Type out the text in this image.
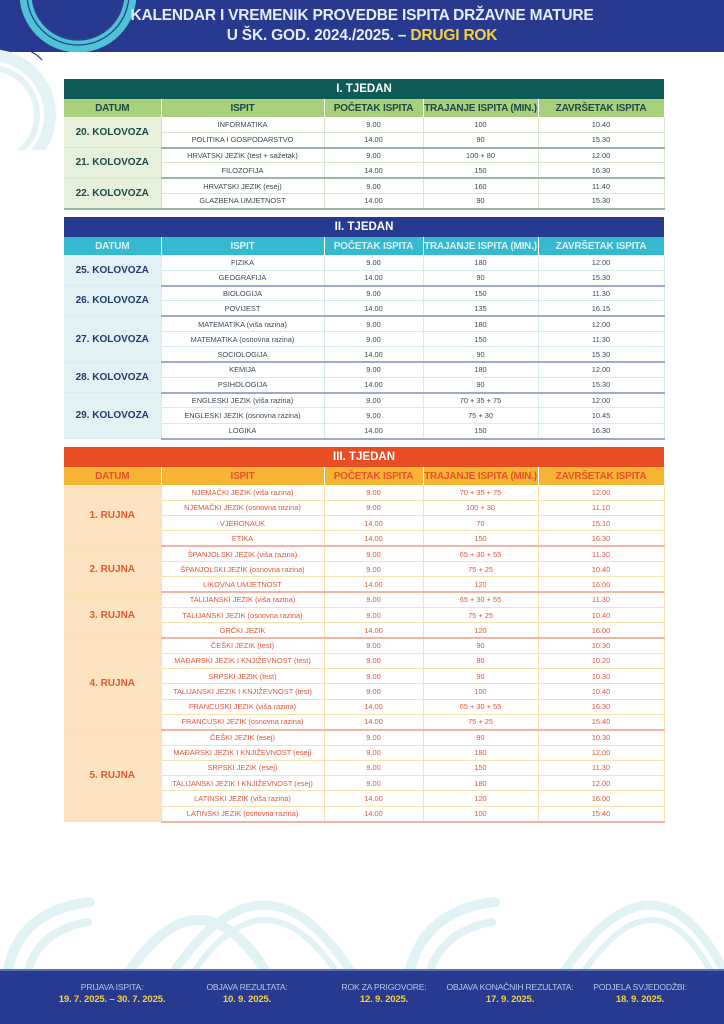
KALENDAR I VREMENIK PROVEDBE ISPITA DRŽAVNE MATURE
U ŠK. GOD. 2024./2025. – DRUGI ROK
I. TJEDAN				
DATUM	ISPIT	POČETAK ISPITA	TRAJANJE ISPITA (MIN.)	ZAVRŠETAK ISPITA
20. KOLOVOZA	INFORMATIKA	9.00	100	10.40
	POLITIKA I GOSPODARSTVO	14.00	90	15.30
21. KOLOVOZA	HRVATSKI JEZIK (test + sažetak)	9.00	100 + 80	12.00
	FILOZOFIJA	14.00	150	16.30
22. KOLOVOZA	HRVATSKI JEZIK (esej)	9.00	160	11.40
	GLAZBENA UMJETNOST	14.00	90	15.30
II. TJEDAN				
DATUM	ISPIT	POČETAK ISPITA	TRAJANJE ISPITA (MIN.)	ZAVRŠETAK ISPITA
25. KOLOVOZA	FIZIKA	9.00	180	12.00
	GEOGRAFIJA	14.00	90	15.30
26. KOLOVOZA	BIOLOGIJA	9.00	150	11.30
	POVIJEST	14.00	135	16.15
27. KOLOVOZA	MATEMATIKA (viša razina)	9.00	180	12.00
	MATEMATIKA (osnovna razina)	9.00	150	11.30
	SOCIOLOGIJA	14.00	90	15.30
28. KOLOVOZA	KEMIJA	9.00	180	12.00
	PSIHOLOGIJA	14.00	90	15.30
29. KOLOVOZA	ENGLESKI JEZIK (viša razina)	9.00	70 + 35 + 75	12.00
	ENGLESKI JEZIK (osnovna razina)	9.00	75 + 30	10.45
	LOGIKA	14.00	150	16.30
III. TJEDAN				
DATUM	ISPIT	POČETAK ISPITA	TRAJANJE ISPITA (MIN.)	ZAVRŠETAK ISPITA
1. RUJNA	NJEMAČKI JEZIK (viša razina)	9.00	70 + 35 + 75	12.00
	NJEMAČKI JEZIK (osnovna razina)	9.00	100 + 30	11.10
	VJERONAUK	14.00	70	15.10
	ETIKA	14.00	150	16.30
2. RUJNA	ŠPANJOLSKI JEZIK (viša razina)	9.00	65 + 30 + 55	11.30
	ŠPANJOLSKI JEZIK (osnovna razina)	9.00	75 + 25	10.40
	LIKOVNA UMJETNOST	14.00	120	16.00
3. RUJNA	TALIJANSKI JEZIK (viša razina)	9.00	65 + 30 + 55	11.30
	TALIJANSKI JEZIK (osnovna razina)	9.00	75 + 25	10.40
	GRČKI JEZIK	14.00	120	16.00
4. RUJNA	ČEŠKI JEZIK (test)	9.00	90	10.30
	MAĐARSKI JEZIK I KNJIŽEVNOST (test)	9.00	80	10.20
	SRPSKI JEZIK (test)	9.00	90	10.30
	TALIJANSKI JEZIK I KNJIŽEVNOST (test)	9.00	100	10.40
	FRANCUSKI JEZIK (viša razina)	14.00	65 + 30 + 55	16.30
	FRANCUSKI JEZIK (osnovna razina)	14.00	75 + 25	15.40
5. RUJNA	ČEŠKI JEZIK (esej)	9.00	90	10.30
	MAĐARSKI JEZIK I KNJIŽEVNOST (esej)	9.00	180	12.00
	SRPSKI JEZIK (esej)	9.00	150	11.30
	TALIJANSKI JEZIK I KNJIŽEVNOST (esej)	9.00	180	12.00
	LATINSKI JEZIK (viša razina)	14.00	120	16.00
	LATINSKI JEZIK (osnovna razina)	14.00	100	15.40
PRIJAVA ISPITA:
19. 7. 2025. – 30. 7. 2025.
OBJAVA REZULTATA:
10. 9. 2025.
ROK ZA PRIGOVORE:
12. 9. 2025.
OBJAVA KONAČNIH REZULTATA:
17. 9. 2025.
PODJELA SVJEDODŽBI:
18. 9. 2025.
